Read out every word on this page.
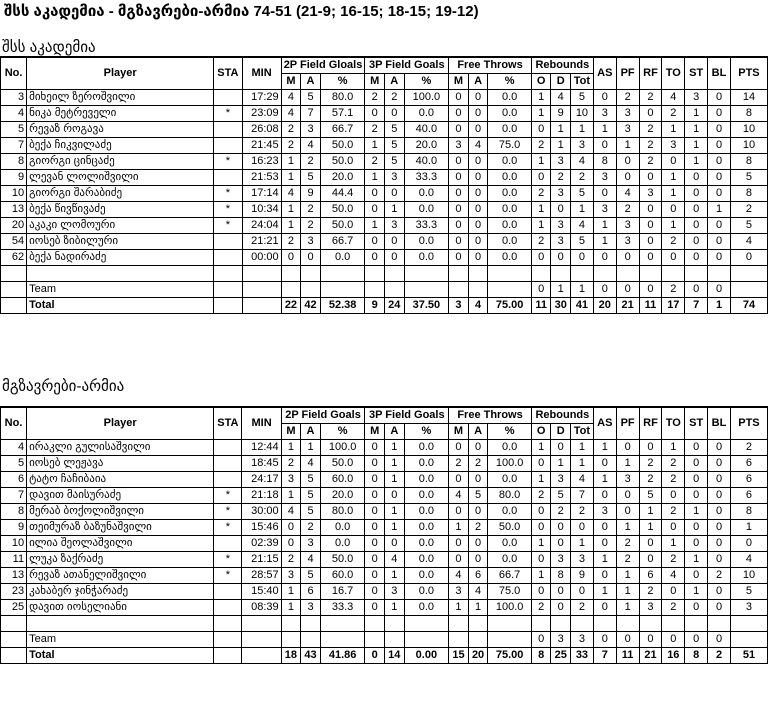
შსს აკადემია - მგზავრები-არმია 74-51 (21-9; 16-15; 18-15; 19-12)
შსს აკადემია
No.	Player	STA	MIN	2P Field Gloals			3P Field Goals			Free Throws			Rebounds			AS	PF	RF	TO	ST	BL	PTS
				M	A	%	M	A	%	M	A	%	O	D	Tot							
3	მიხეილ ზეროშვილი		17:29	4	5	80.0	2	2	100.0	0	0	0.0	1	4	5	0	2	2	4	3	0	14
4	ნიკა მეტრეველი	*	23:09	4	7	57.1	0	0	0.0	0	0	0.0	1	9	10	3	3	0	2	1	0	8
5	რევაზ როგავა		26:08	2	3	66.7	2	5	40.0	0	0	0.0	0	1	1	1	3	2	1	1	0	10
7	ბექა ჩიკვილაძე		21:45	2	4	50.0	1	5	20.0	3	4	75.0	2	1	3	0	1	2	3	1	0	10
8	გიორგი ცინცაძე	*	16:23	1	2	50.0	2	5	40.0	0	0	0.0	1	3	4	8	0	2	0	1	0	8
9	ლევან ლოლიშვილი		21:53	1	5	20.0	1	3	33.3	0	0	0.0	0	2	2	3	0	0	1	0	0	5
10	გიორგი შარაბიძე	*	17:14	4	9	44.4	0	0	0.0	0	0	0.0	2	3	5	0	4	3	1	0	0	8
13	ბექა წივწივაძე	*	10:34	1	2	50.0	0	1	0.0	0	0	0.0	1	0	1	3	2	0	0	0	1	2
20	აკაკი ლომოური	*	24:04	1	2	50.0	1	3	33.3	0	0	0.0	1	3	4	1	3	0	1	0	0	5
54	იოსებ ზიბილური		21:21	2	3	66.7	0	0	0.0	0	0	0.0	2	3	5	1	3	0	2	0	0	4
62	ბექა ნადირაძე		00:00	0	0	0.0	0	0	0.0	0	0	0.0	0	0	0	0	0	0	0	0	0	0

	Team												0	1	1	0	0	0	2	0	0	
	Total			22	42	52.38	9	24	37.50	3	4	75.00	11	30	41	20	21	11	17	7	1	74
მგზავრები-არმია
No.	Player	STA	MIN	2P Field Goals			3P Field Goals			Free Throws			Rebounds			AS	PF	RF	TO	ST	BL	PTS
				M	A	%	M	A	%	M	A	%	O	D	Tot							
4	ირაკლი გულისაშვილი		12:44	1	1	100.0	0	1	0.0	0	0	0.0	1	0	1	1	0	0	1	0	0	2
5	იოსებ ლეჟავა		18:45	2	4	50.0	0	1	0.0	2	2	100.0	0	1	1	0	1	2	2	0	0	6
6	ტატო ჩაჩიბაია		24:17	3	5	60.0	0	1	0.0	0	0	0.0	1	3	4	1	3	2	2	0	0	6
7	დავით მაისურაძე	*	21:18	1	5	20.0	0	0	0.0	4	5	80.0	2	5	7	0	0	5	0	0	0	6
8	მერაბ ბოქოლიშვილი	*	30:00	4	5	80.0	0	1	0.0	0	0	0.0	0	2	2	3	0	1	2	1	0	8
9	თეიმურაზ ბაზუნაშვილი	*	15:46	0	2	0.0	0	1	0.0	1	2	50.0	0	0	0	0	1	1	0	0	0	1
10	ილია შეოლაშვილი		02:39	0	3	0.0	0	0	0.0	0	0	0.0	1	0	1	0	2	0	1	0	0	0
11	ლუკა ზაქრაძე	*	21:15	2	4	50.0	0	4	0.0	0	0	0.0	0	3	3	1	2	0	2	1	0	4
13	რევაზ ათანელიშვილი	*	28:57	3	5	60.0	0	1	0.0	4	6	66.7	1	8	9	0	1	6	4	0	2	10
23	კახაბერ ჯინჭარაძე		15:40	1	6	16.7	0	3	0.0	3	4	75.0	0	0	0	1	1	2	0	1	0	5
25	დავით იოსელიანი		08:39	1	3	33.3	0	1	0.0	1	1	100.0	2	0	2	0	1	3	2	0	0	3

	Team												0	3	3	0	0	0	0	0	0	
	Total			18	43	41.86	0	14	0.00	15	20	75.00	8	25	33	7	11	21	16	8	2	51
